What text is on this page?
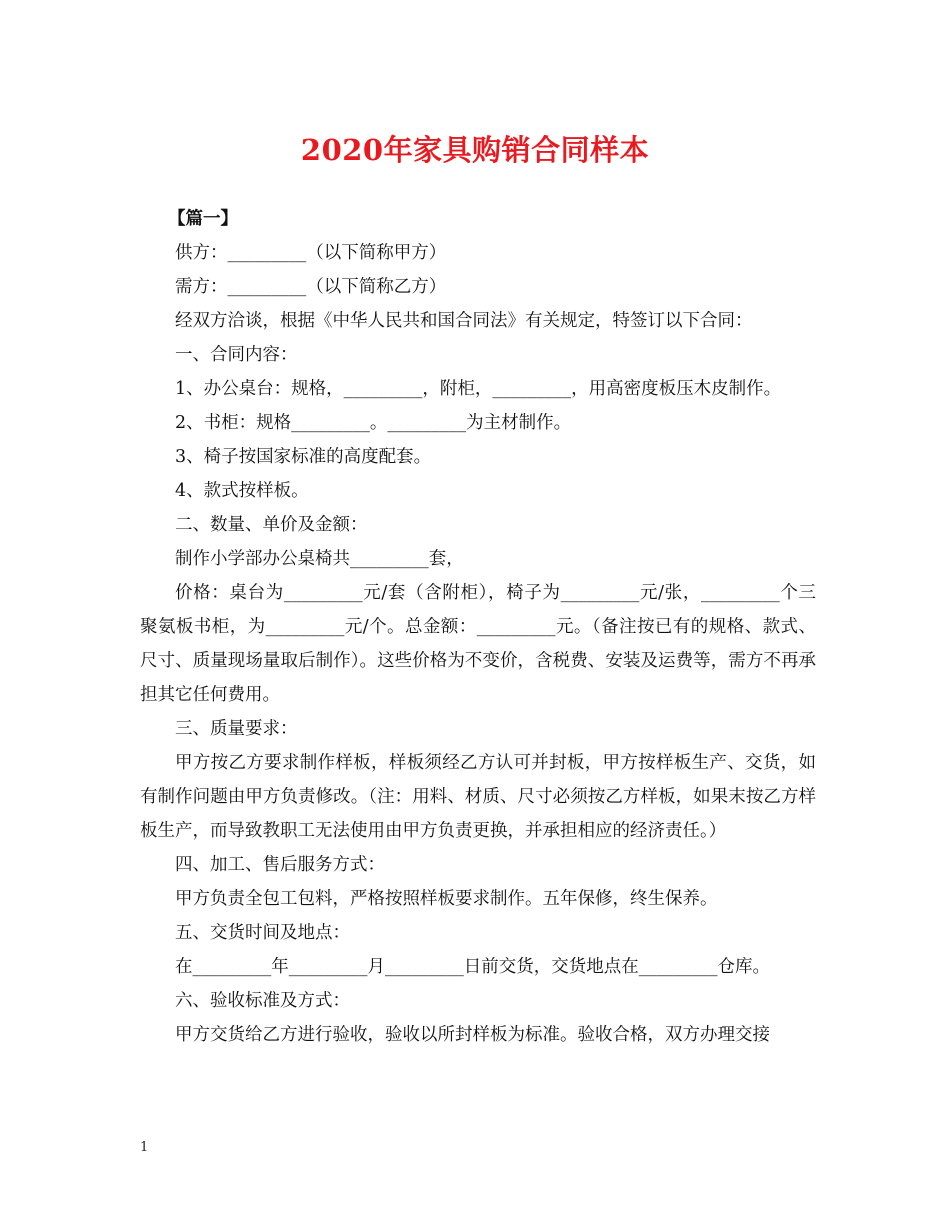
2020年家具购销合同样本

【篇一】

供方：_________（以下简称甲方）

需方：_________（以下简称乙方）

经双方洽谈，根据《中华人民共和国合同法》有关规定，特签订以下合同：

一、合同内容：

1、办公桌台：规格，_________，附柜，_________，用高密度板压木皮制作。

2、书柜：规格_________。_________为主材制作。

3、椅子按国家标准的高度配套。

4、款式按样板。

二、数量、单价及金额：

制作小学部办公桌椅共_________套，

价格：桌台为_________元/套（含附柜），椅子为_________元/张，_________个三聚氨板书柜，为_________元/个。总金额：_________元。（备注按已有的规格、款式、尺寸、质量现场量取后制作）。这些价格为不变价，含税费、安装及运费等，需方不再承担其它任何费用。

三、质量要求：

甲方按乙方要求制作样板，样板须经乙方认可并封板，甲方按样板生产、交货，如有制作问题由甲方负责修改。（注：用料、材质、尺寸必须按乙方样板，如果末按乙方样板生产，而导致教职工无法使用由甲方负责更换，并承担相应的经济责任。）

四、加工、售后服务方式：

甲方负责全包工包料，严格按照样板要求制作。五年保修，终生保养。

五、交货时间及地点：

在_________年_________月_________日前交货，交货地点在_________仓库。

六、验收标准及方式：

甲方交货给乙方进行验收，验收以所封样板为标准。验收合格，双方办理交接

1
